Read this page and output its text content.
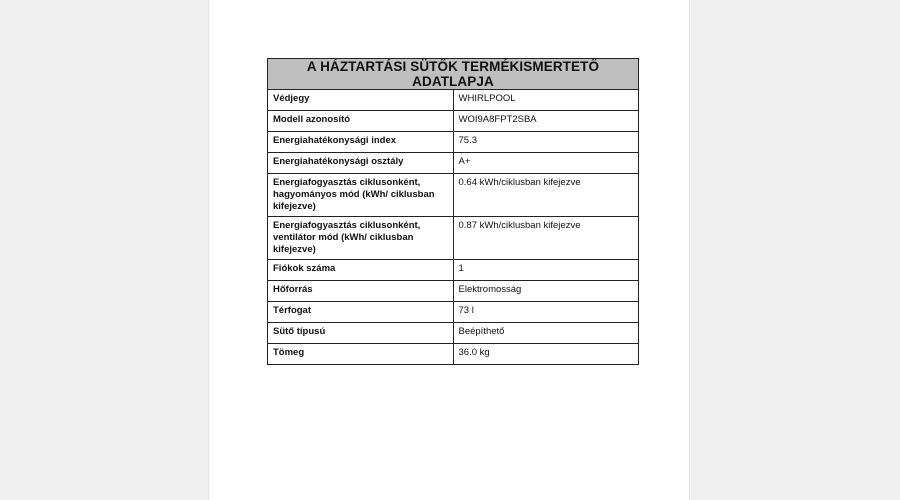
A HÁZTARTÁSI SÜTŐK TERMÉKISMERTETŐ ADATLAPJA	
Védjegy	WHIRLPOOL
Modell azonosító	WOI9A8FPT2SBA
Energiahatékonysági index	75.3
Energiahatékonysági osztály	A+
Energiafogyasztás ciklusonként, hagyományos mód (kWh/ ciklusban kifejezve)	0.64 kWh/ciklusban kifejezve
Energiafogyasztás ciklusonként, ventilátor mód (kWh/ ciklusban kifejezve)	0.87 kWh/ciklusban kifejezve
Fiókok száma	1
Hőforrás	Elektromosság
Térfogat	73 l
Sütő típusú	Beépíthető
Tömeg	36.0 kg
